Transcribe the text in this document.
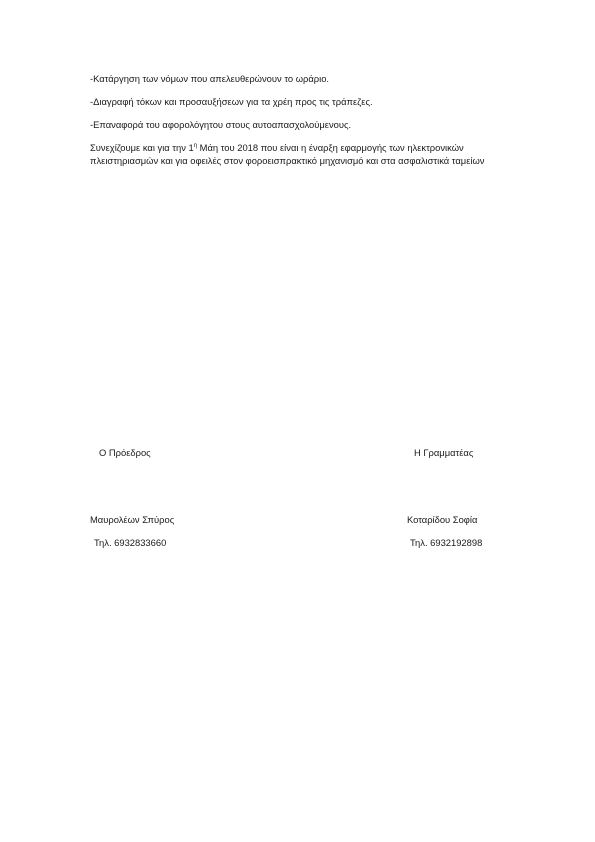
-Κατάργηση των νόμων που απελευθερώνουν το ωράριο.

-Διαγραφή τόκων και προσαυξήσεων για τα χρέη προς τις τράπεζες.

-Επαναφορά του αφορολόγητου στους αυτοαπασχολούμενους.

Συνεχίζουμε και για την $1^\eta$ Μάη του 2018 που είναι η έναρξη εφαρμογής των ηλεκτρονικών πλειστηριασμών και για οφειλές στον φοροεισπρακτικό μηχανισμό και στα ασφαλιστικά ταμείων

Ο Πρόεδρος	Η Γραμματέας

Μαυρολέων Σπύρος	Κοταρίδου Σοφία

Τηλ. 6932833660	Τηλ. 6932192898
